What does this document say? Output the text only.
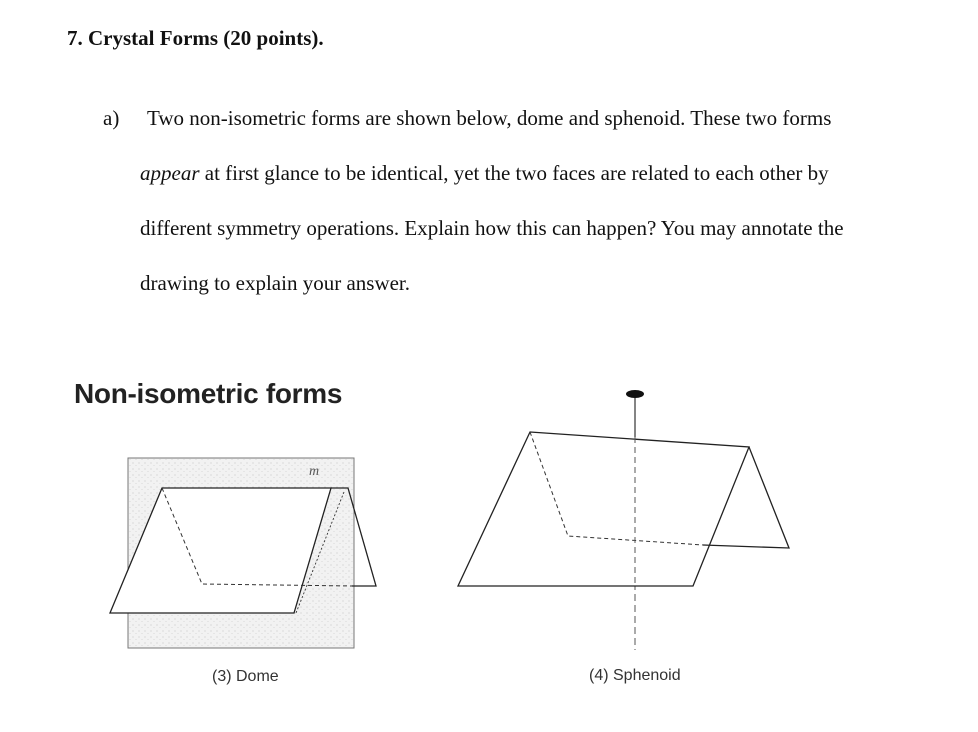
7. Crystal Forms (20 points).
a) Two non-isometric forms are shown below, dome and sphenoid. These two forms
appear at first glance to be identical, yet the two faces are related to each other by
different symmetry operations. Explain how this can happen? You may annotate the
drawing to explain your answer.
Non-isometric forms
m
(3) Dome	(4) Sphenoid
